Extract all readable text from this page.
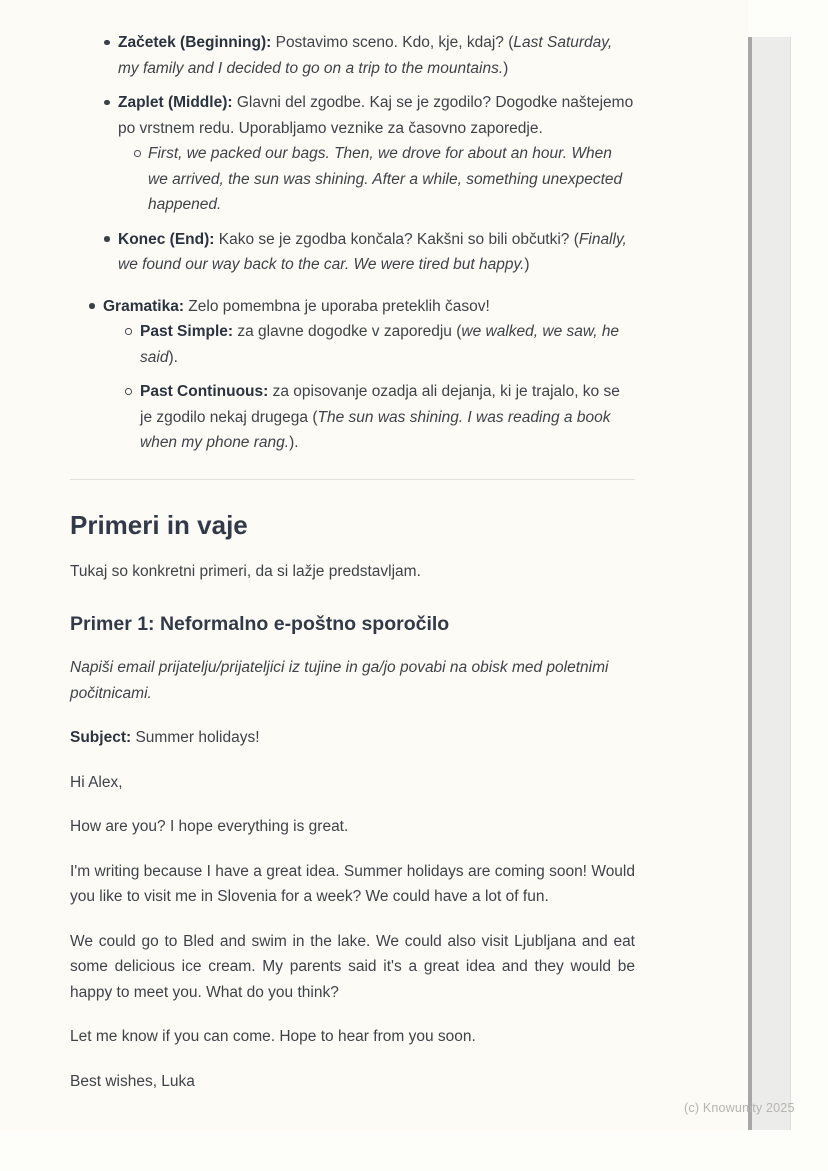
(c) Knowunity 2025
Začetek (Beginning): Postavimo sceno. Kdo, kje, kdaj? (Last Saturday, my family and I decided to go on a trip to the mountains.)
Zaplet (Middle): Glavni del zgodbe. Kaj se je zgodilo? Dogodke naštejemo po vrstnem redu. Uporabljamo veznike za časovno zaporedje.
First, we packed our bags. Then, we drove for about an hour. When we arrived, the sun was shining. After a while, something unexpected happened.
Konec (End): Kako se je zgodba končala? Kakšni so bili občutki? (Finally, we found our way back to the car. We were tired but happy.)
Gramatika: Zelo pomembna je uporaba preteklih časov!
Past Simple: za glavne dogodke v zaporedju (we walked, we saw, he said).
Past Continuous: za opisovanje ozadja ali dejanja, ki je trajalo, ko se je zgodilo nekaj drugega (The sun was shining. I was reading a book when my phone rang.).
Primeri in vaje

Tukaj so konkretni primeri, da si lažje predstavljam.

Primer 1: Neformalno e-poštno sporočilo

Napiši email prijatelju/prijateljici iz tujine in ga/jo povabi na obisk med poletnimi počitnicami.

Subject: Summer holidays!

Hi Alex,

How are you? I hope everything is great.

I'm writing because I have a great idea. Summer holidays are coming soon! Would you like to visit me in Slovenia for a week? We could have a lot of fun.

We could go to Bled and swim in the lake. We could also visit Ljubljana and eat some delicious ice cream. My parents said it's a great idea and they would be happy to meet you. What do you think?

Let me know if you can come. Hope to hear from you soon.

Best wishes, Luka
